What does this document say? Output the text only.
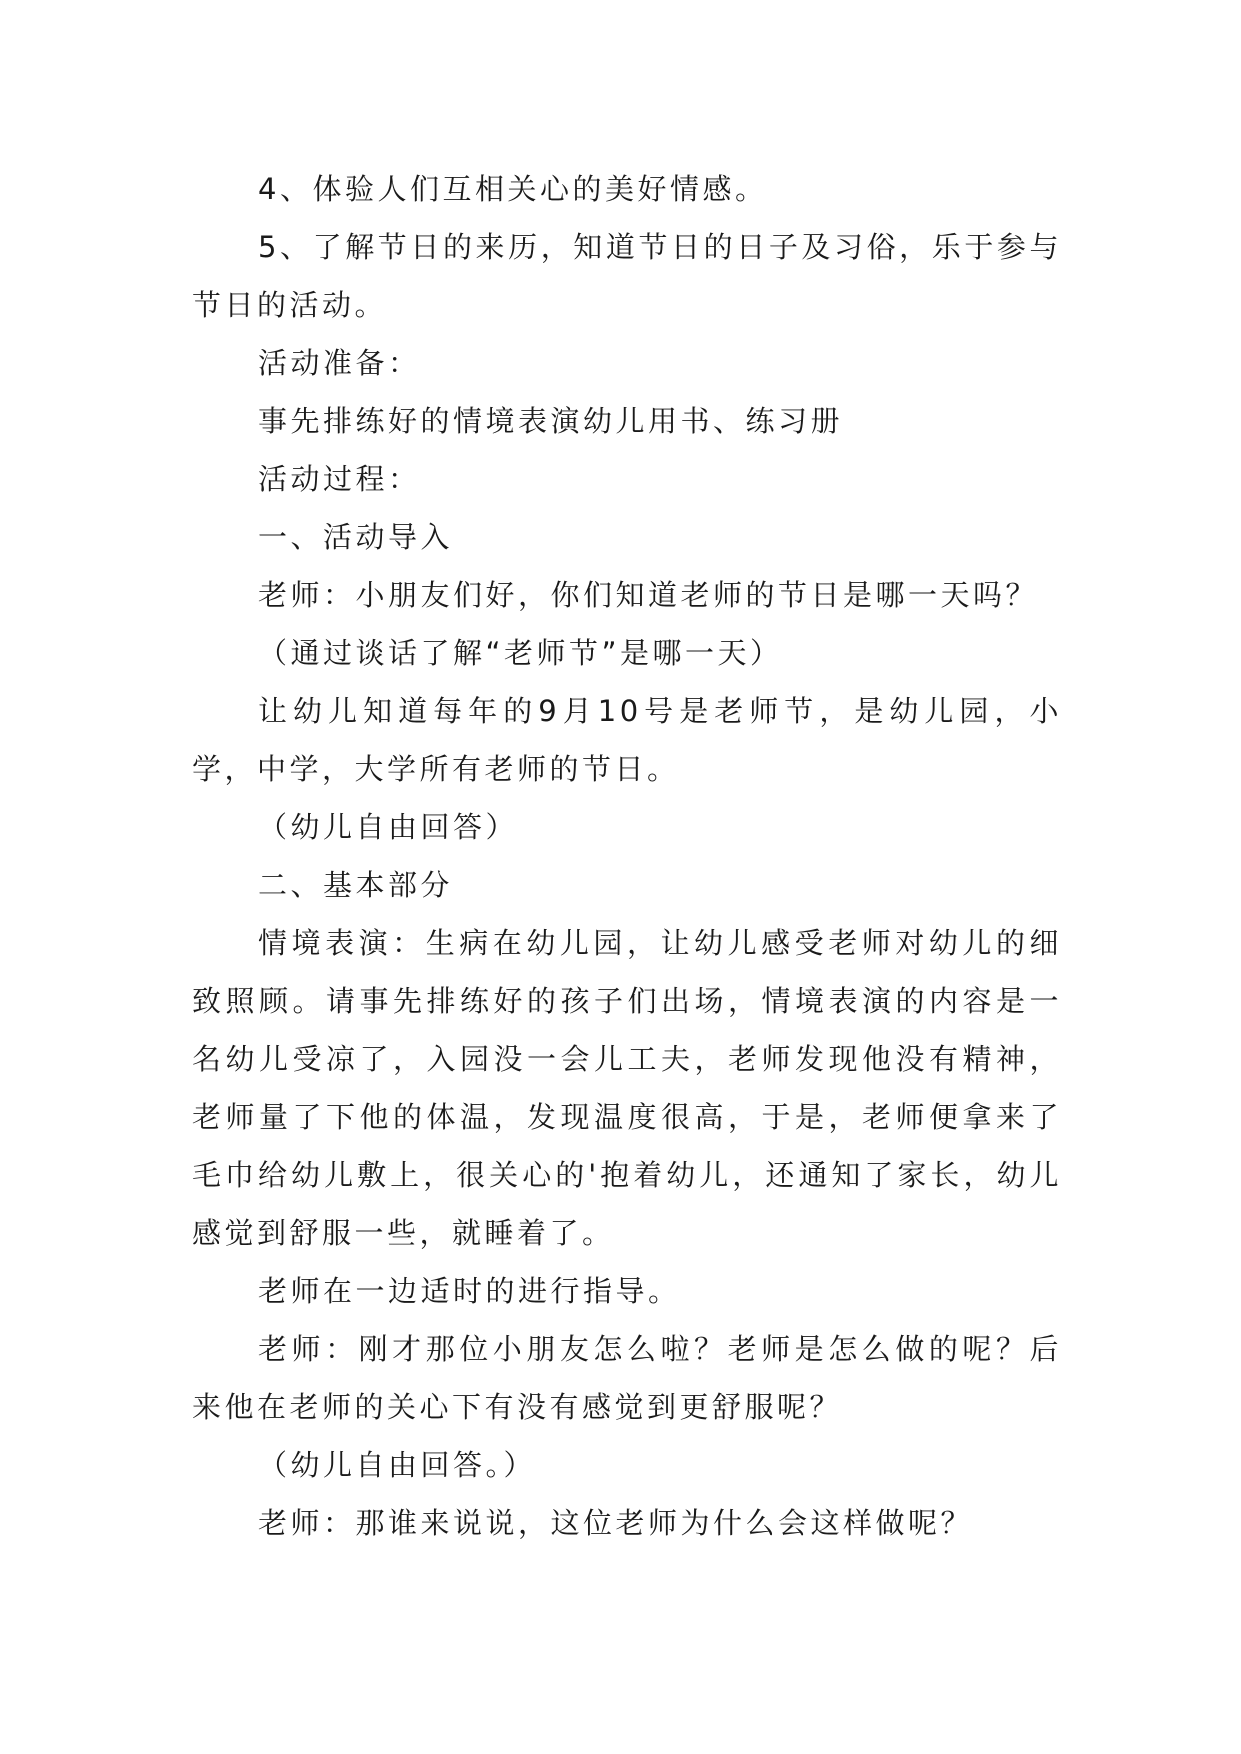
4、体验人们互相关心的美好情感。

5、了解节日的来历，知道节日的日子及习俗，乐于参与节日的活动。

活动准备：

事先排练好的情境表演幼儿用书、练习册

活动过程：

一、活动导入

老师：小朋友们好，你们知道老师的节日是哪一天吗？

（通过谈话了解“老师节”是哪一天）

让幼儿知道每年的9月10号是老师节，是幼儿园，小学，中学，大学所有老师的节日。

（幼儿自由回答）

二、基本部分

情境表演：生病在幼儿园，让幼儿感受老师对幼儿的细致照顾。请事先排练好的孩子们出场，情境表演的内容是一名幼儿受凉了，入园没一会儿工夫，老师发现他没有精神，老师量了下他的体温，发现温度很高，于是，老师便拿来了毛巾给幼儿敷上，很关心的'抱着幼儿，还通知了家长，幼儿感觉到舒服一些，就睡着了。

老师在一边适时的进行指导。

老师：刚才那位小朋友怎么啦？老师是怎么做的呢？后来他在老师的关心下有没有感觉到更舒服呢？

（幼儿自由回答。）

老师：那谁来说说，这位老师为什么会这样做呢？
